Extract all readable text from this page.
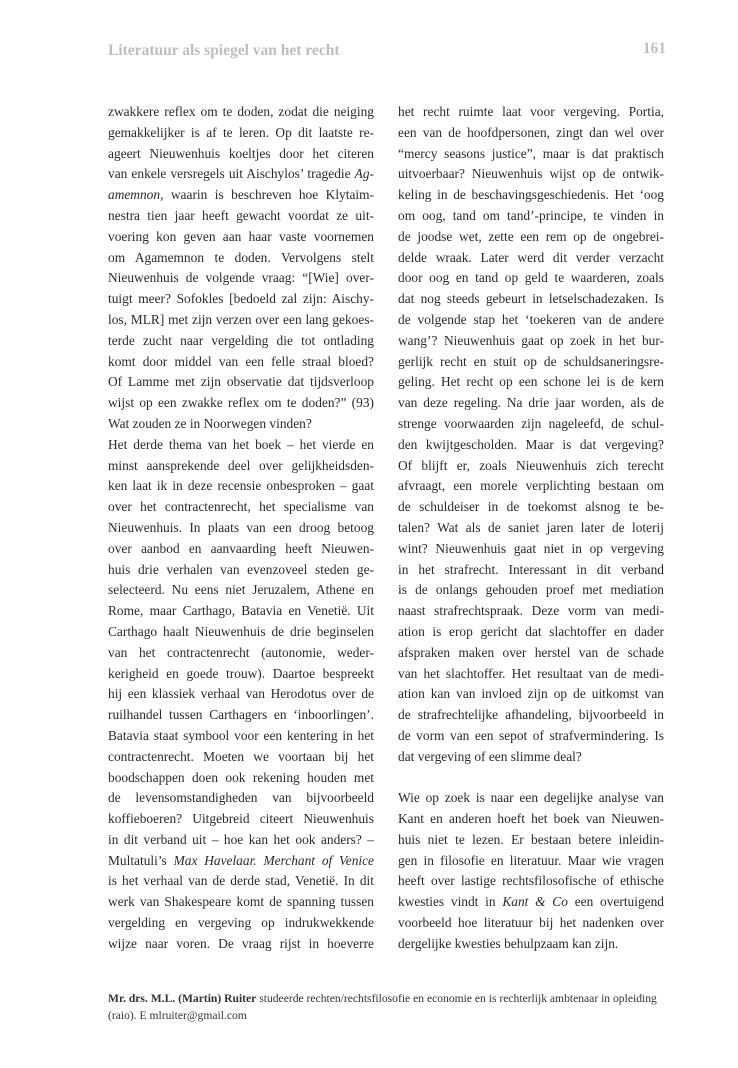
Literatuur als spiegel van het recht	161
zwakkere reflex om te doden, zodat die neiging
gemakkelijker is af te leren. Op dit laatste re-
ageert Nieuwenhuis koeltjes door het citeren
van enkele versregels uit Aischylos’ tragedie Ag-
amemnon, waarin is beschreven hoe Klytaim-
nestra tien jaar heeft gewacht voordat ze uit-
voering kon geven aan haar vaste voornemen
om Agamemnon te doden. Vervolgens stelt
Nieuwenhuis de volgende vraag: “[Wie] over-
tuigt meer? Sofokles [bedoeld zal zijn: Aischy-
los, MLR] met zijn verzen over een lang gekoes-
terde zucht naar vergelding die tot ontlading
komt door middel van een felle straal bloed?
Of Lamme met zijn observatie dat tijdsverloop
wijst op een zwakke reflex om te doden?” (93)
Wat zouden ze in Noorwegen vinden?
Het derde thema van het boek – het vierde en
minst aansprekende deel over gelijkheidsden-
ken laat ik in deze recensie onbesproken – gaat
over het contractenrecht, het specialisme van
Nieuwenhuis. In plaats van een droog betoog
over aanbod en aanvaarding heeft Nieuwen-
huis drie verhalen van evenzoveel steden ge-
selecteerd. Nu eens niet Jeruzalem, Athene en
Rome, maar Carthago, Batavia en Venetië. Uit
Carthago haalt Nieuwenhuis de drie beginselen
van het contractenrecht (autonomie, weder-
kerigheid en goede trouw). Daartoe bespreekt
hij een klassiek verhaal van Herodotus over de
ruilhandel tussen Carthagers en ‘inboorlingen’.
Batavia staat symbool voor een kentering in het
contractenrecht. Moeten we voortaan bij het
boodschappen doen ook rekening houden met
de levensomstandigheden van bijvoorbeeld
koffieboeren? Uitgebreid citeert Nieuwenhuis
in dit verband uit – hoe kan het ook anders? –
Multatuli’s Max Havelaar. Merchant of Venice
is het verhaal van de derde stad, Venetië. In dit
werk van Shakespeare komt de spanning tussen
vergelding en vergeving op indrukwekkende
wijze naar voren. De vraag rijst in hoeverre
het recht ruimte laat voor vergeving. Portia,
een van de hoofdpersonen, zingt dan wel over
“mercy seasons justice”, maar is dat praktisch
uitvoerbaar? Nieuwenhuis wijst op de ontwik-
keling in de beschavingsgeschiedenis. Het ‘oog
om oog, tand om tand’-principe, te vinden in
de joodse wet, zette een rem op de ongebrei-
delde wraak. Later werd dit verder verzacht
door oog en tand op geld te waarderen, zoals
dat nog steeds gebeurt in letselschadezaken. Is
de volgende stap het ‘toekeren van de andere
wang’? Nieuwenhuis gaat op zoek in het bur-
gerlijk recht en stuit op de schuldsaneringsre-
geling. Het recht op een schone lei is de kern
van deze regeling. Na drie jaar worden, als de
strenge voorwaarden zijn nageleefd, de schul-
den kwijtgescholden. Maar is dat vergeving?
Of blijft er, zoals Nieuwenhuis zich terecht
afvraagt, een morele verplichting bestaan om
de schuldeiser in de toekomst alsnog te be-
talen? Wat als de saniet jaren later de loterij
wint? Nieuwenhuis gaat niet in op vergeving
in het strafrecht. Interessant in dit verband
is de onlangs gehouden proef met mediation
naast strafrechtspraak. Deze vorm van medi-
ation is erop gericht dat slachtoffer en dader
afspraken maken over herstel van de schade
van het slachtoffer. Het resultaat van de medi-
ation kan van invloed zijn op de uitkomst van
de strafrechtelijke afhandeling, bijvoorbeeld in
de vorm van een sepot of strafvermindering. Is
dat vergeving of een slimme deal?
Wie op zoek is naar een degelijke analyse van
Kant en anderen hoeft het boek van Nieuwen-
huis niet te lezen. Er bestaan betere inleidin-
gen in filosofie en literatuur. Maar wie vragen
heeft over lastige rechtsfilosofische of ethische
kwesties vindt in Kant & Co een overtuigend
voorbeeld hoe literatuur bij het nadenken over
dergelijke kwesties behulpzaam kan zijn.
Mr. drs. M.L. (Martin) Ruiter studeerde rechten/rechtsfilosofie en economie en is rechterlijk ambtenaar in opleiding (raio). E mlruiter@gmail.com
